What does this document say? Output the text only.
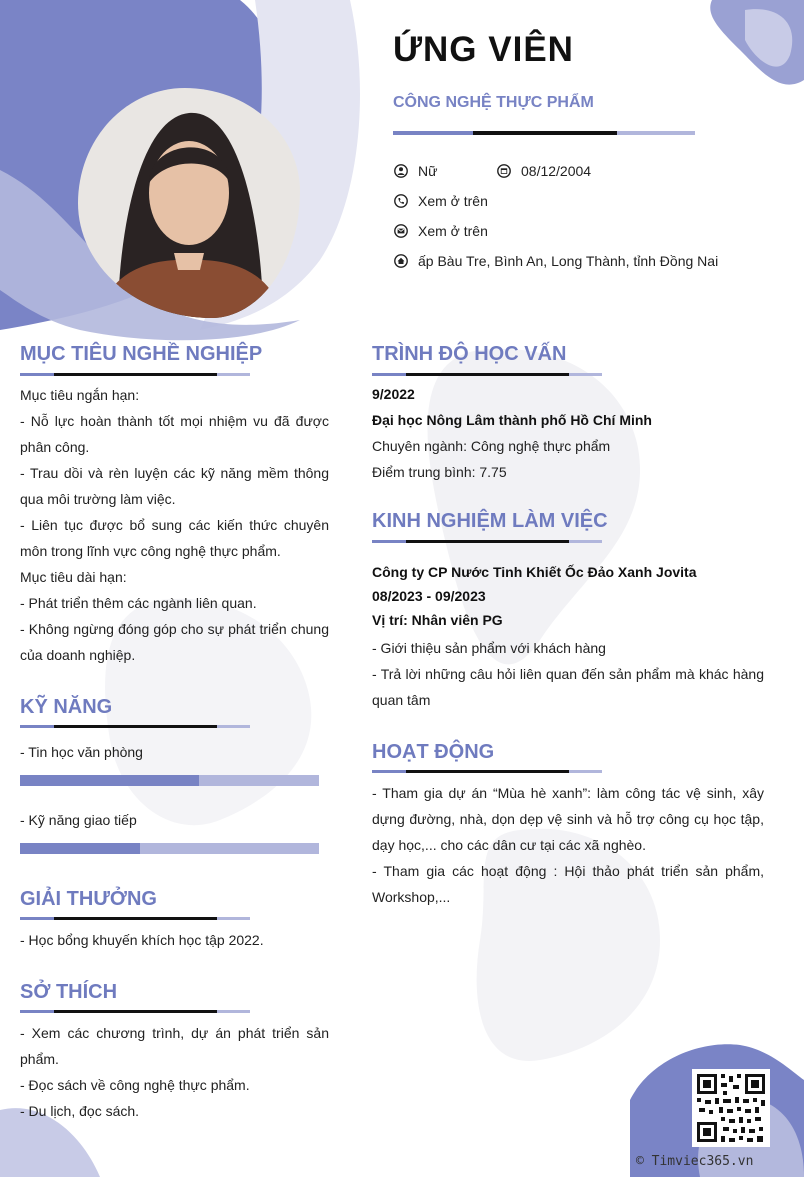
ỨNG VIÊN

CÔNG NGHỆ THỰC PHẨM

Nữ	08/12/2004
Xem ở trên
Xem ở trên
ấp Bàu Tre, Bình An, Long Thành, tỉnh Đồng Nai
MỤC TIÊU NGHỀ NGHIỆP

Mục tiêu ngắn hạn:

- Nỗ lực hoàn thành tốt mọi nhiệm vu đã được phân công.

- Trau dồi và rèn luyện các kỹ năng mềm thông qua môi trường làm việc.

- Liên tục được bổ sung các kiến thức chuyên môn trong lĩnh vực công nghệ thực phẩm.

Mục tiêu dài hạn:

- Phát triển thêm các ngành liên quan.

- Không ngừng đóng góp cho sự phát triển chung của doanh nghiệp.

KỸ NĂNG
- Tin học văn phòng
- Kỹ năng giao tiếp
GIẢI THƯỞNG
- Học bổng khuyến khích học tập 2022.
SỞ THÍCH

- Xem các chương trình, dự án phát triển sản phẩm.

- Đọc sách về công nghệ thực phẩm.

- Du lịch, đọc sách.

TRÌNH ĐỘ HỌC VẤN

9/2022

Đại học Nông Lâm thành phố Hồ Chí Minh

Chuyên ngành: Công nghệ thực phẩm

Điểm trung bình: 7.75

KINH NGHIỆM LÀM VIỆC

Công ty CP Nước Tinh Khiết Ốc Đảo Xanh Jovita

08/2023 - 09/2023

Vị trí: Nhân viên PG

- Giới thiệu sản phẩm với khách hàng

- Trả lời những câu hỏi liên quan đến sản phẩm mà khác hàng quan tâm

HOẠT ĐỘNG

- Tham gia dự án “Mùa hè xanh”: làm công tác vệ sinh, xây dựng đường, nhà, dọn dẹp vệ sinh và hỗ trợ công cụ học tập, dạy học,... cho các dân cư tại các xã nghèo.

- Tham gia các hoạt động : Hội thảo phát triển sản phẩm, Workshop,...

© Timviec365.vn
